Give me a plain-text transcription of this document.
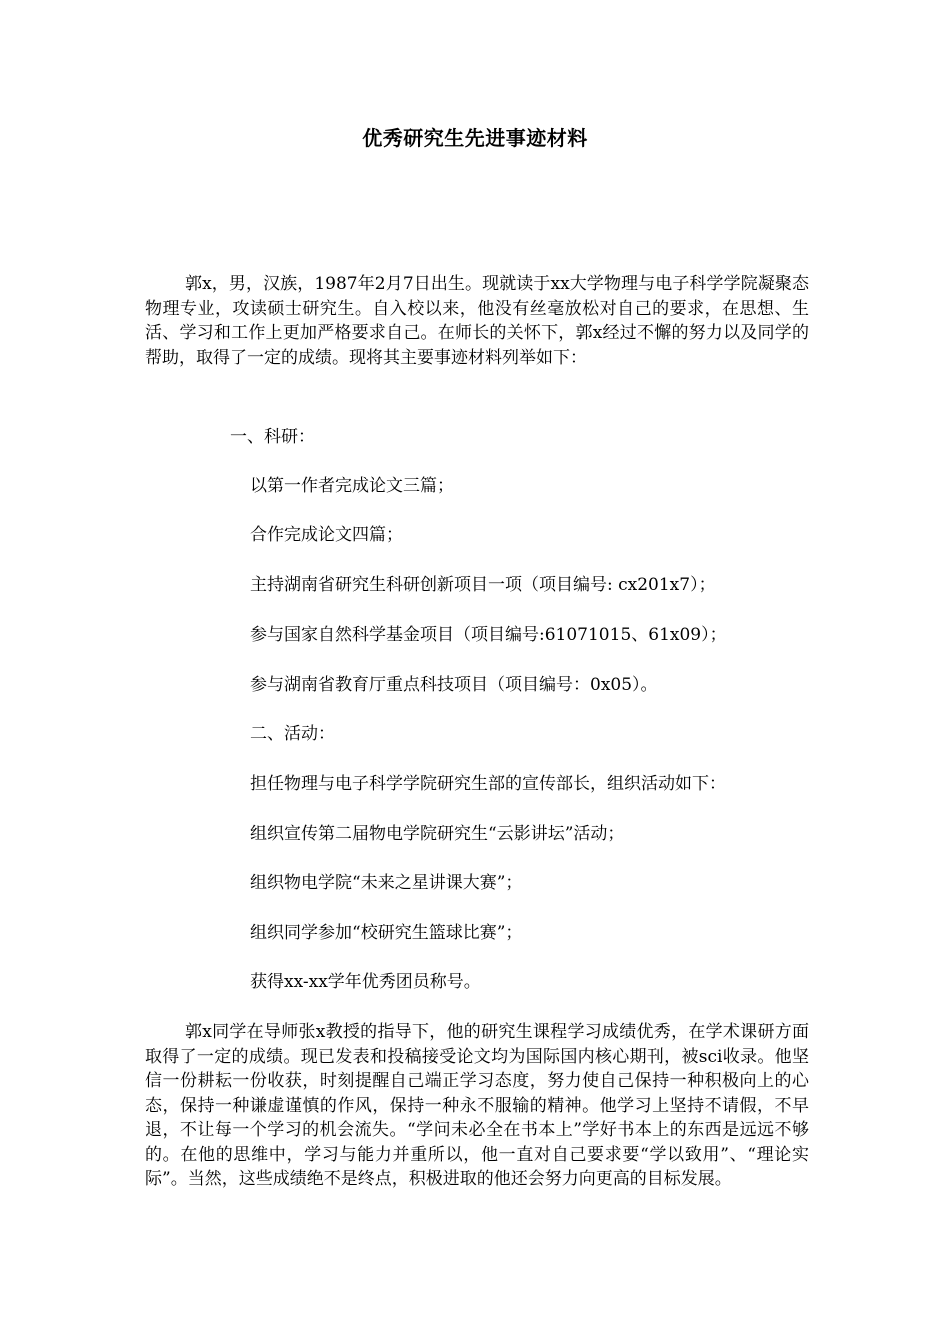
优秀研究生先进事迹材料

郭x，男，汉族，1987年2月7日出生。现就读于xx大学物理与电子科学学院凝聚态物理专业，攻读硕士研究生。自入校以来，他没有丝毫放松对自己的要求，在思想、生活、学习和工作上更加严格要求自己。在师长的关怀下，郭x经过不懈的努力以及同学的帮助，取得了一定的成绩。现将其主要事迹材料列举如下：

一、科研：

以第一作者完成论文三篇；

合作完成论文四篇；

主持湖南省研究生科研创新项目一项（项目编号: cx201x7）；

参与国家自然科学基金项目（项目编号:61071015、61x09）；

参与湖南省教育厅重点科技项目（项目编号：0x05）。

二、活动：

担任物理与电子科学学院研究生部的宣传部长，组织活动如下：

组织宣传第二届物电学院研究生“云影讲坛”活动；

组织物电学院“未来之星讲课大赛”；

组织同学参加“校研究生篮球比赛”；

获得xx-xx学年优秀团员称号。

郭x同学在导师张x教授的指导下，他的研究生课程学习成绩优秀，在学术课研方面取得了一定的成绩。现已发表和投稿接受论文均为国际国内核心期刊，被sci收录。他坚信一份耕耘一份收获，时刻提醒自己端正学习态度，努力使自己保持一种积极向上的心态，保持一种谦虚谨慎的作风，保持一种永不服输的精神。他学习上坚持不请假，不早退，不让每一个学习的机会流失。“学问未必全在书本上”学好书本上的东西是远远不够的。在他的思维中，学习与能力并重所以，他一直对自己要求要“学以致用”、“理论实际”。当然，这些成绩绝不是终点，积极进取的他还会努力向更高的目标发展。
